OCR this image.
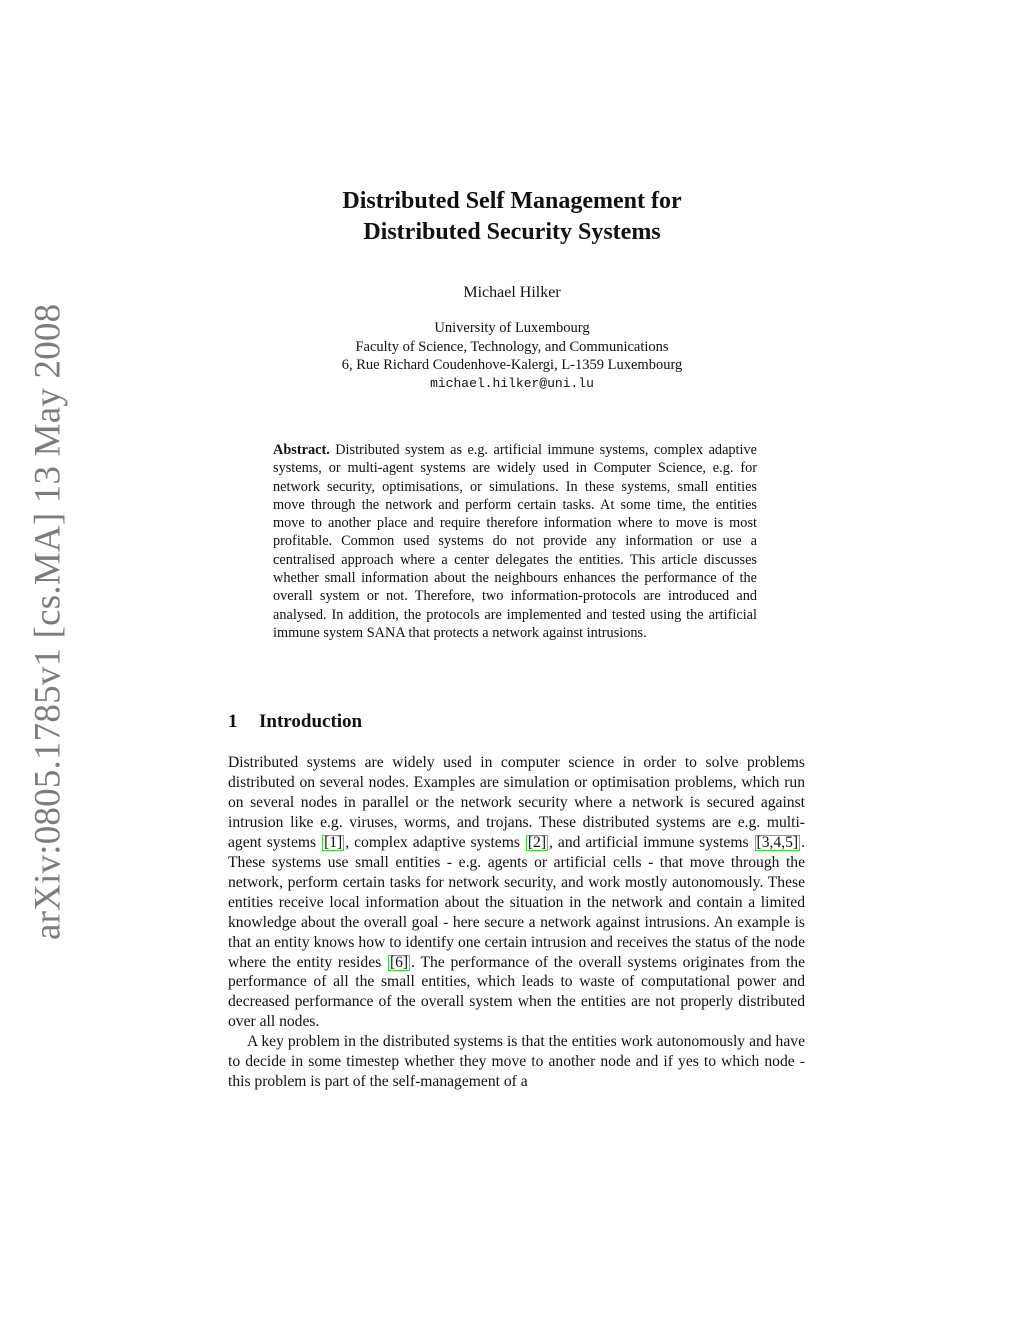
arXiv:0805.1785v1 [cs.MA] 13 May 2008
Distributed Self Management for
Distributed Security Systems
Michael Hilker
University of Luxembourg
Faculty of Science, Technology, and Communications
6, Rue Richard Coudenhove-Kalergi, L-1359 Luxembourg
michael.hilker@uni.lu
Abstract. Distributed system as e.g. artificial immune systems, complex adaptive systems, or multi-agent systems are widely used in Computer Science, e.g. for network security, optimisations, or simulations. In these systems, small entities move through the network and perform certain tasks. At some time, the entities move to another place and require therefore information where to move is most profitable. Common used systems do not provide any information or use a centralised approach where a center delegates the entities. This article discusses whether small information about the neighbours enhances the performance of the overall system or not. Therefore, two information-protocols are introduced and analysed. In addition, the protocols are implemented and tested using the artificial immune system SANA that protects a network against intrusions.
1 Introduction

Distributed systems are widely used in computer science in order to solve problems distributed on several nodes. Examples are simulation or optimisation problems, which run on several nodes in parallel or the network security where a network is secured against intrusion like e.g. viruses, worms, and trojans. These distributed systems are e.g. multi-agent systems [1] , complex adaptive systems [2] , and artificial immune systems [3,4,5] . These systems use small entities - e.g. agents or artificial cells - that move through the network, perform certain tasks for network security, and work mostly autonomously. These entities receive local information about the situation in the network and contain a limited knowledge about the overall goal - here secure a network against intrusions. An example is that an entity knows how to identify one certain intrusion and receives the status of the node where the entity resides [6] . The performance of the overall systems originates from the performance of all the small entities, which leads to waste of computational power and decreased performance of the overall system when the entities are not properly distributed over all nodes.

A key problem in the distributed systems is that the entities work autonomously and have to decide in some timestep whether they move to another node and if yes to which node - this problem is part of the self-management of a
